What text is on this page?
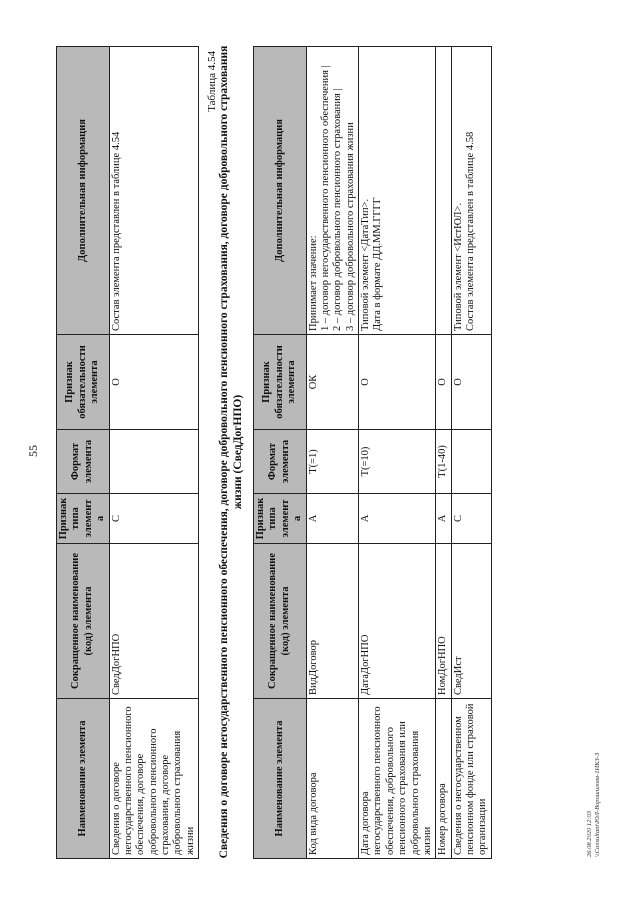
55
Наименование элемента	Сокращенное наименование (код) элемента	Признак типа элемента	Формат элемента	Признак обязательности элемента	Дополнительная информация
Сведения о договоре негосударственного пенсионного обеспечения, договоре добровольного пенсионного страхования, договоре добровольного страхования жизни	СведДогНПО	С		О	Состав элемента представлен в таблице 4.54
Таблица 4.54 Сведения о договоре негосударственного пенсионного обеспечения, договоре добровольного пенсионного страхования, договоре добровольного страхования жизни (СведДогНПО)
Наименование элемента	Сокращенное наименование (код) элемента	Признак типа элемента	Формат элемента	Признак обязательности элемента	Дополнительная информация
Код вида договора	ВидДоговор	А	T(=1)	ОК	Принимает значение: 1 – договор негосударственного пенсионного обеспечения | 2 – договор добровольного пенсионного страхования | 3 – договор добровольного страхования жизни

Дата договора негосударственного пенсионного обеспечения, добровольного пенсионного страхования или добровольного страхования жизни	ДатаДогНПО	А	T(=10)	О	Типовой элемент <ДатаТип>. Дата в формате ДД.ММ.ГГГГ

Номер договора	НомДогНПО	А	T(1-40)	О	

Сведения о негосударственном пенсионном фонде или страховой организации	СведИст	С		О	Типовой элемент <ИстЮЛ>. Состав элемента представлен в таблице 4.58
26.08.2020 12:03 \\Consultant\ЮЛ-Ворошилова-1ИКЗ-3
